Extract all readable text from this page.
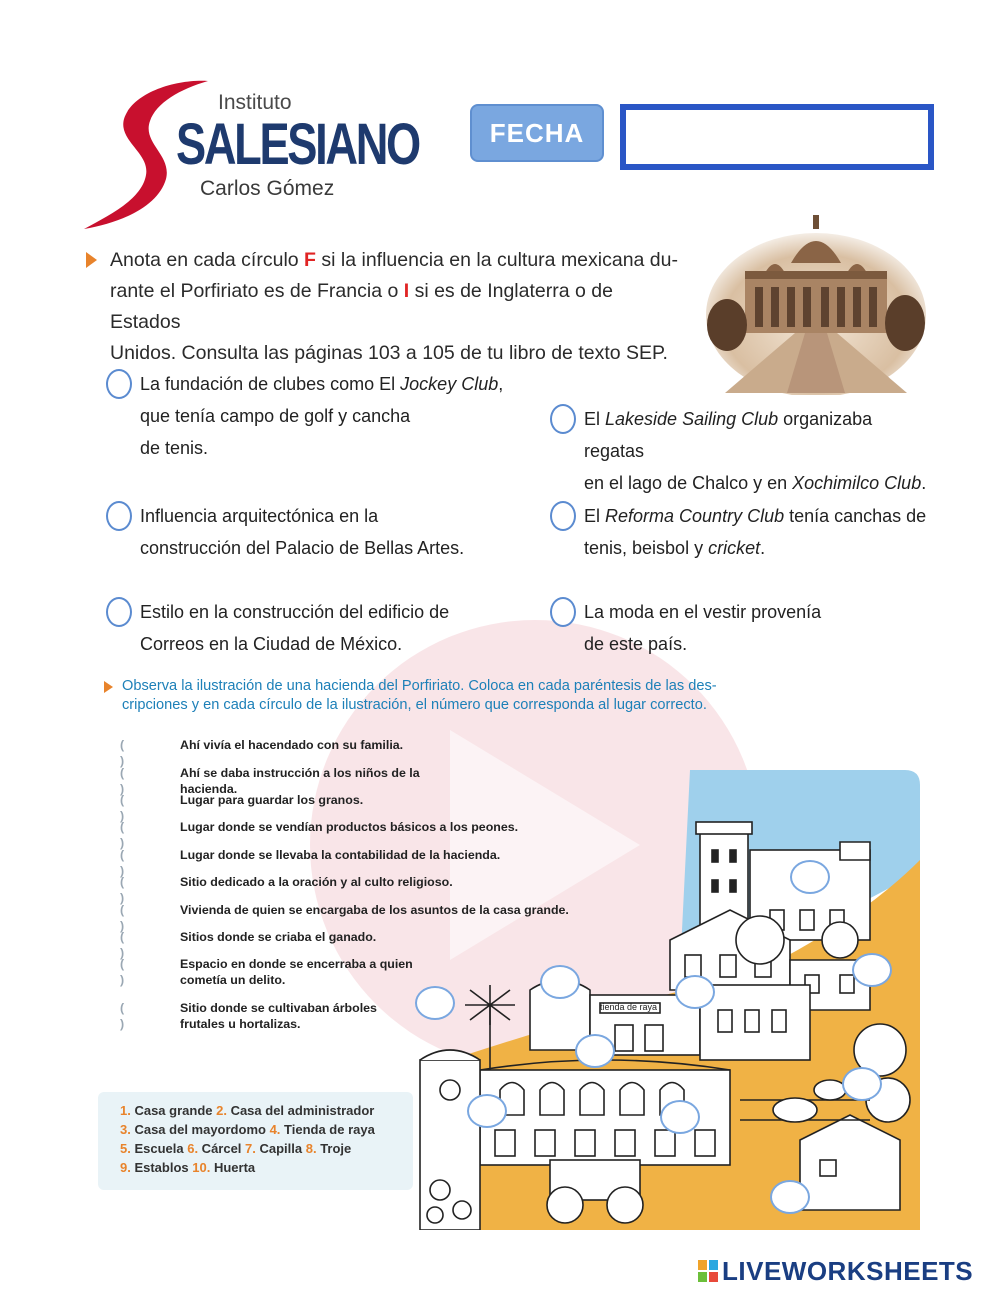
Instituto
SALESIANO
Carlos Gómez
FECHA
Anota en cada círculo F si la influencia en la cultura mexicana du-
rante el Porfiriato es de Francia o I si es de Inglaterra o de Estados
Unidos. Consulta las páginas 103 a 105 de tu libro de texto SEP.
La fundación de clubes como El Jockey Club,
que tenía campo de golf y cancha
de tenis.
El Lakeside Sailing Club organizaba regatas
en el lago de Chalco y en Xochimilco Club.
Influencia arquitectónica en la
construcción del Palacio de Bellas Artes.
El Reforma Country Club tenía canchas de
tenis, beisbol y cricket.
Estilo en la construcción del edificio de
Correos en la Ciudad de México.
La moda en el vestir provenía
de este país.
Observa la ilustración de una hacienda del Porfiriato. Coloca en cada paréntesis de las des-
cripciones y en cada círculo de la ilustración, el número que corresponda al lugar correcto.
( )
Ahí vivía el hacendado con su familia.
( )
Ahí se daba instrucción a los niños de la hacienda.
( )
Lugar para guardar los granos.
( )
Lugar donde se vendían productos básicos a los peones.
( )
Lugar donde se llevaba la contabilidad de la hacienda.
( )
Sitio dedicado a la oración y al culto religioso.
( )
Vivienda de quien se encargaba de los asuntos de la casa grande.
( )
Sitios donde se criaba el ganado.
( )
Espacio en donde se encerraba a quien cometía un delito.
( )
Sitio donde se cultivaban árboles frutales u hortalizas.
1. Casa grande 2. Casa del administrador
3. Casa del mayordomo 4. Tienda de raya
5. Escuela 6. Cárcel 7. Capilla 8. Troje
9. Establos 10. Huerta
tienda de raya
LIVEWORKSHEETS
